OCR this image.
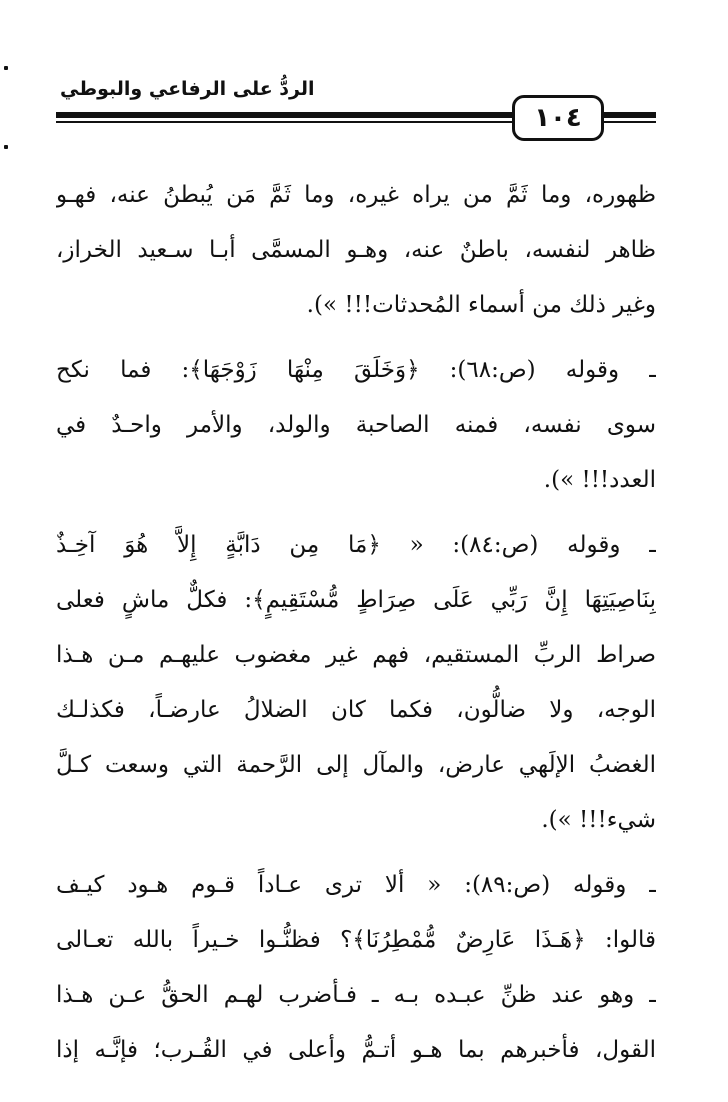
الردُّ على الرفاعي والبوطي
١٠٤
ظهوره، وما ثَمَّ من يراه غيره، وما ثَمَّ مَن يُبطنُ عنه، فهـو
ظاهر لنفسه، باطنٌ عنه، وهـو المسمَّى أبـا سـعيد الخراز،
وغير ذلك من أسماء المُحدثات!!! »).
ـ وقوله (ص:٦٨): ﴿وَخَلَقَ مِنْهَا زَوْجَهَا﴾: فما نكح
سوى نفسه، فمنه الصاحبة والولد، والأمر واحـدٌ في
العدد!!! »).
ـ وقوله (ص:٨٤): « ﴿مَا مِن دَابَّةٍ إِلاَّ هُوَ آخِـذٌ
بِنَاصِيَتِهَا إِنَّ رَبِّي عَلَى صِرَاطٍ مُّسْتَقِيمٍ﴾: فكلٌّ ماشٍ فعلى
صراط الربِّ المستقيم، فهم غير مغضوب عليهـم مـن هـذا
الوجه، ولا ضالُّون، فكما كان الضلالُ عارضـاً، فكذلـك
الغضبُ الإلَهي عارض، والمآل إلى الرَّحمة التي وسعت كـلَّ
شيء!!! »).
ـ وقوله (ص:٨٩): « ألا ترى عـاداً قـوم هـود كيـف
قالوا: ﴿هَـذَا عَارِضٌ مُّمْطِرُنَا﴾؟ فظنُّـوا خـيراً بالله تعـالى
ـ وهو عند ظنِّ عبـده بـه ـ فـأضرب لهـم الحقُّ عـن هـذا
القول، فأخبرهم بما هـو أتـمُّ وأعلى في القُـرب؛ فإنَّـه إذا
